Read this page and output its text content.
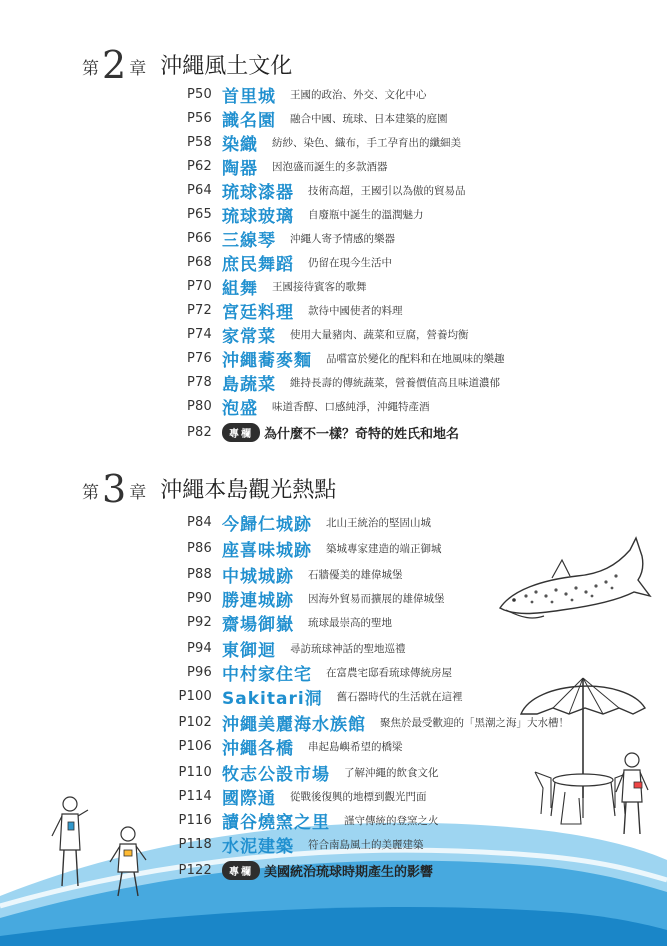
第 2 章 沖繩風土文化
P50 首里城 王國的政治、外交、文化中心
P56 識名園 融合中國、琉球、日本建築的庭園
P58 染織 紡紗、染色、織布，手工孕育出的纖細美
P62 陶器 因泡盛而誕生的多款酒器
P64 琉球漆器 技術高超，王國引以為傲的貿易品
P65 琉球玻璃 自廢瓶中誕生的溫潤魅力
P66 三線琴 沖繩人寄予情感的樂器
P68 庶民舞蹈 仍留在現今生活中
P70 組舞 王國接待賓客的歌舞
P72 宮廷料理 款待中國使者的料理
P74 家常菜 使用大量豬肉、蔬菜和豆腐，營養均衡
P76 沖繩蕎麥麵 品嚐富於變化的配料和在地風味的樂趣
P78 島蔬菜 維持長壽的傳統蔬菜，營養價值高且味道濃郁
P80 泡盛 味道香醇、口感純淨，沖繩特產酒
P82	專欄 為什麼不一樣？奇特的姓氏和地名
第 3 章 沖繩本島觀光熱點
P84 今歸仁城跡 北山王統治的堅固山城
P86 座喜味城跡 築城專家建造的端正御城
P88 中城城跡 石牆優美的雄偉城堡
P90 勝連城跡 因海外貿易而擴展的雄偉城堡
P92 齋場御嶽 琉球最崇高的聖地
P94 東御迴 尋訪琉球神話的聖地巡禮
P96 中村家住宅 在富農宅邸看琉球傳統房屋
P100 Sakitari洞 舊石器時代的生活就在這裡
P102 沖繩美麗海水族館 聚焦於最受歡迎的「黑潮之海」大水槽！
P106 沖繩各橋 串起島嶼希望的橋梁
P110 牧志公設市場 了解沖繩的飲食文化
P114 國際通 從戰後復興的地標到觀光門面
P116 讀谷燒窯之里 謹守傳統的登窯之火
P118 水泥建築 符合南島風土的美麗建築
P122	專欄 美國統治琉球時期產生的影響
